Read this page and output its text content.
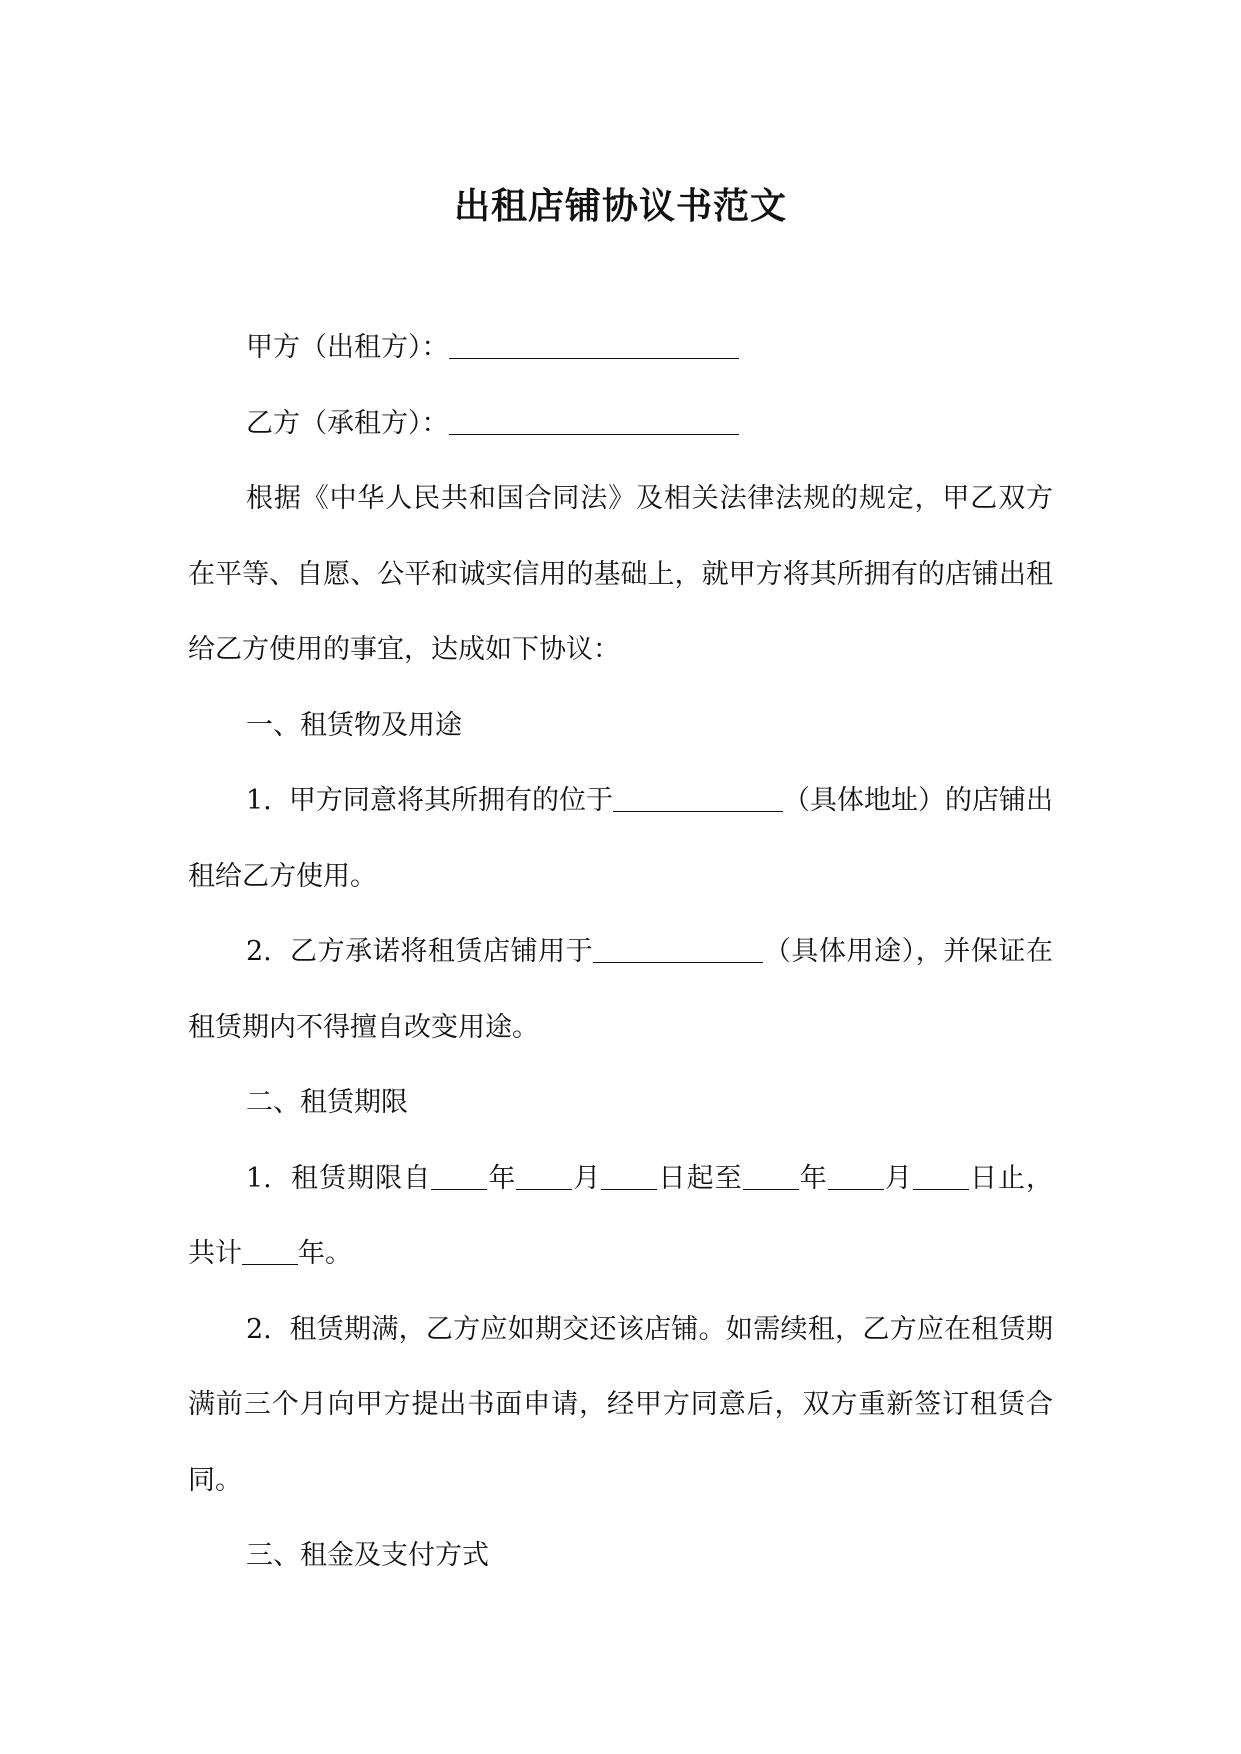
出租店铺协议书范文

甲方（出租方）：

乙方（承租方）：

根据《中华人民共和国合同法》及相关法律法规的规定，甲乙双方在平等、自愿、公平和诚实信用的基础上，就甲方将其所拥有的店铺出租给乙方使用的事宜，达成如下协议：

一、租赁物及用途

1.  甲方同意将其所拥有的位于	（具体地址）的店铺出租给乙方使用。

2.  乙方承诺将租赁店铺用于	（具体用途），并保证在租赁期内不得擅自改变用途。

二、租赁期限

1.  租赁期限自 年 月 日起至 年 月 日止，共计 年。

2.  租赁期满，乙方应如期交还该店铺。如需续租，乙方应在租赁期满前三个月向甲方提出书面申请，经甲方同意后，双方重新签订租赁合同。

三、租金及支付方式
